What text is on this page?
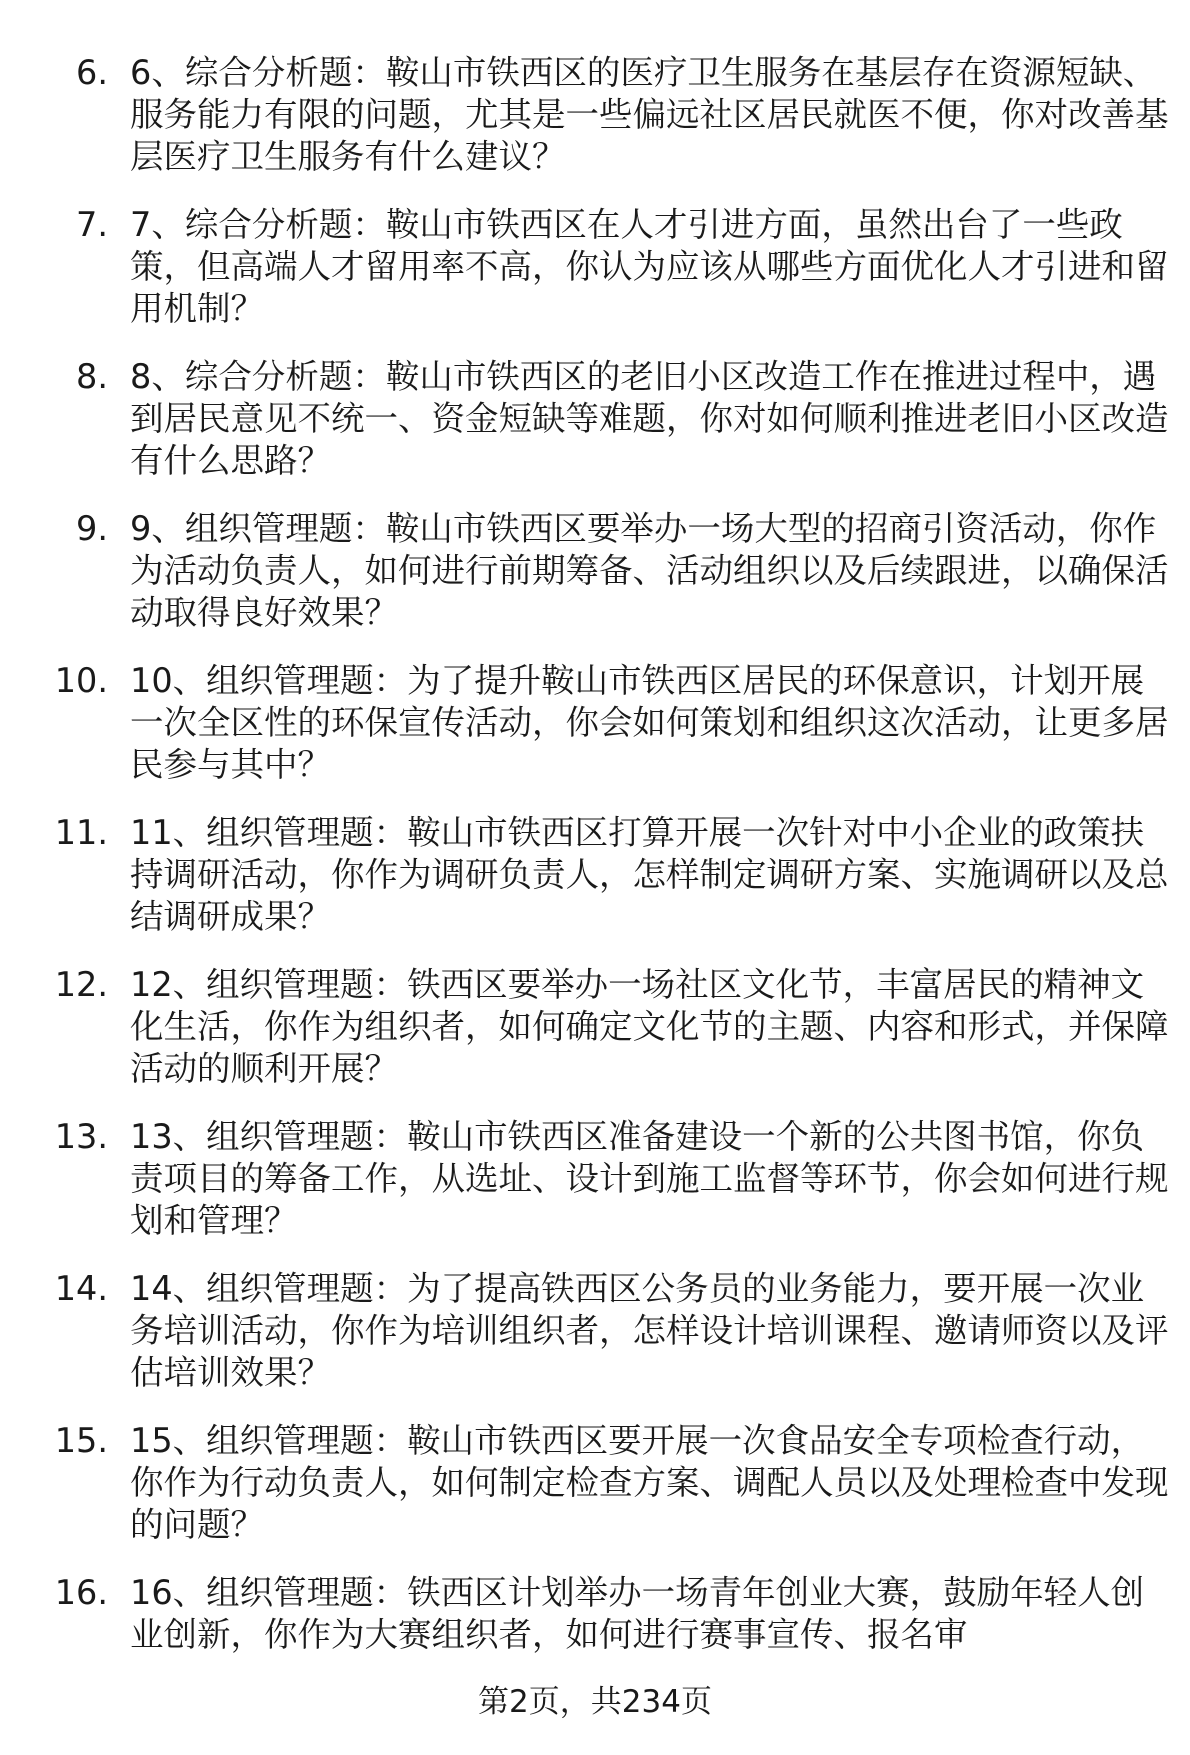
6. 6、综合分析题：鞍山市铁西区的医疗卫生服务在基层存在资源短缺、服务能力有限的问题，尤其是一些偏远社区居民就医不便，你对改善基层医疗卫生服务有什么建议？
7. 7、综合分析题：鞍山市铁西区在人才引进方面，虽然出台了一些政策，但高端人才留用率不高，你认为应该从哪些方面优化人才引进和留用机制？
8. 8、综合分析题：鞍山市铁西区的老旧小区改造工作在推进过程中，遇到居民意见不统一、资金短缺等难题，你对如何顺利推进老旧小区改造有什么思路？
9. 9、组织管理题：鞍山市铁西区要举办一场大型的招商引资活动，你作为活动负责人，如何进行前期筹备、活动组织以及后续跟进，以确保活动取得良好效果？
10. 10、组织管理题：为了提升鞍山市铁西区居民的环保意识，计划开展一次全区性的环保宣传活动，你会如何策划和组织这次活动，让更多居民参与其中？
11. 11、组织管理题：鞍山市铁西区打算开展一次针对中小企业的政策扶持调研活动，你作为调研负责人，怎样制定调研方案、实施调研以及总结调研成果？
12. 12、组织管理题：铁西区要举办一场社区文化节，丰富居民的精神文化生活，你作为组织者，如何确定文化节的主题、内容和形式，并保障活动的顺利开展？
13. 13、组织管理题：鞍山市铁西区准备建设一个新的公共图书馆，你负责项目的筹备工作，从选址、设计到施工监督等环节，你会如何进行规划和管理？
14. 14、组织管理题：为了提高铁西区公务员的业务能力，要开展一次业务培训活动，你作为培训组织者，怎样设计培训课程、邀请师资以及评估培训效果？
15. 15、组织管理题：鞍山市铁西区要开展一次食品安全专项检查行动，你作为行动负责人，如何制定检查方案、调配人员以及处理检查中发现的问题？
16. 16、组织管理题：铁西区计划举办一场青年创业大赛，鼓励年轻人创业创新，你作为大赛组织者，如何进行赛事宣传、报名审
第2页，共234页
